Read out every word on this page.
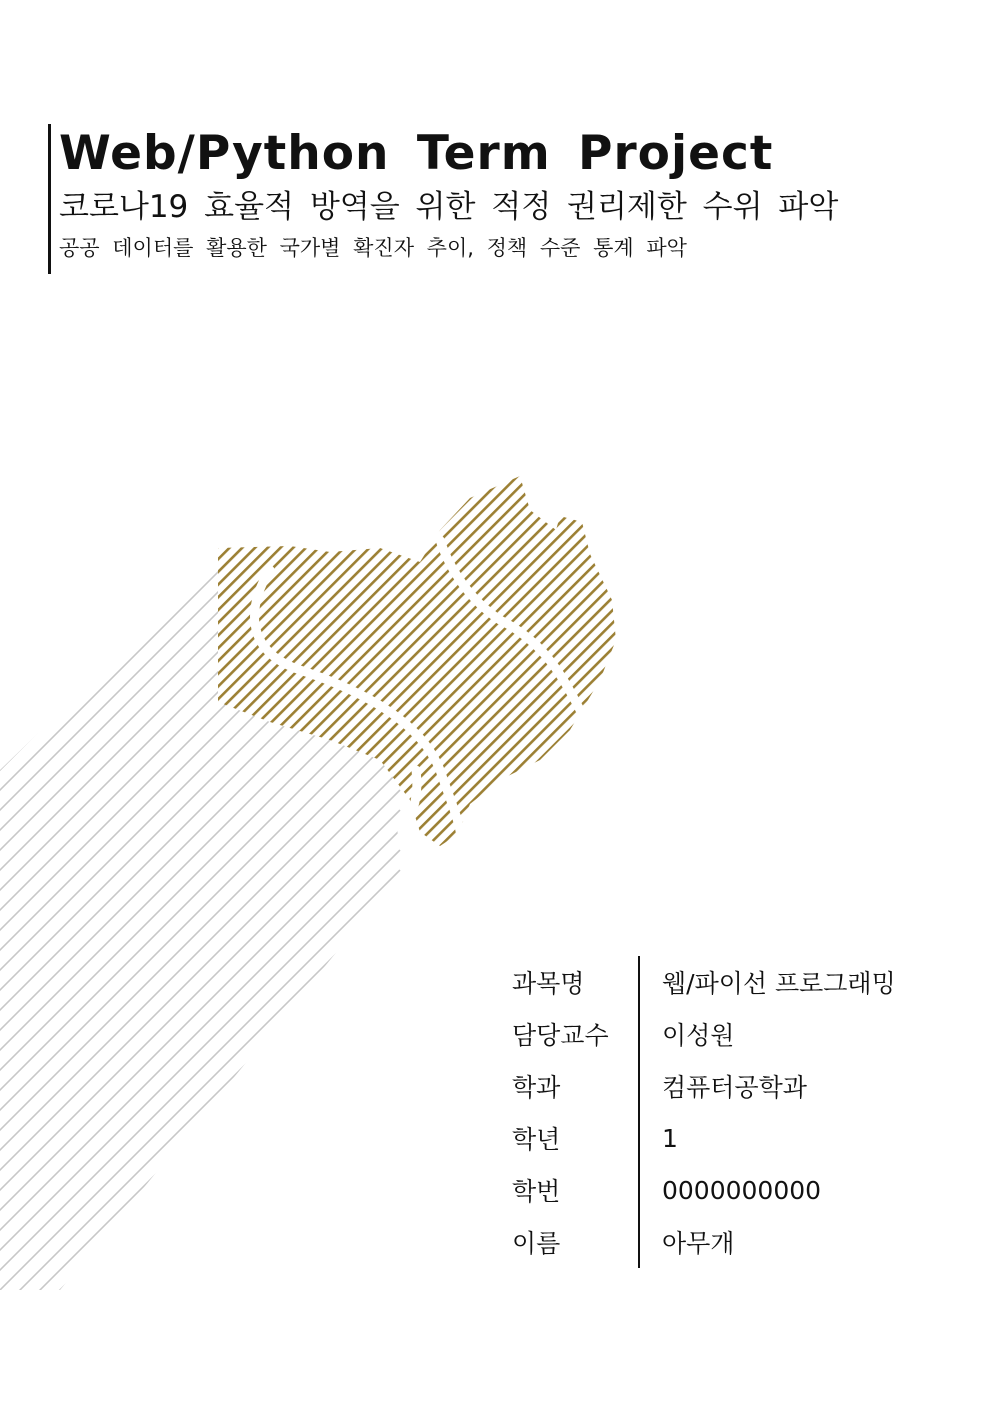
Web/Python Term Project

코로나19 효율적 방역을 위한 적정 권리제한 수위 파악

공공 데이터를 활용한 국가별 확진자 추이, 정책 수준 통계 파악

과목명	웹/파이선 프로그래밍
담당교수	이성원
학과	컴퓨터공학과
학년	1
학번	0000000000
이름	아무개
